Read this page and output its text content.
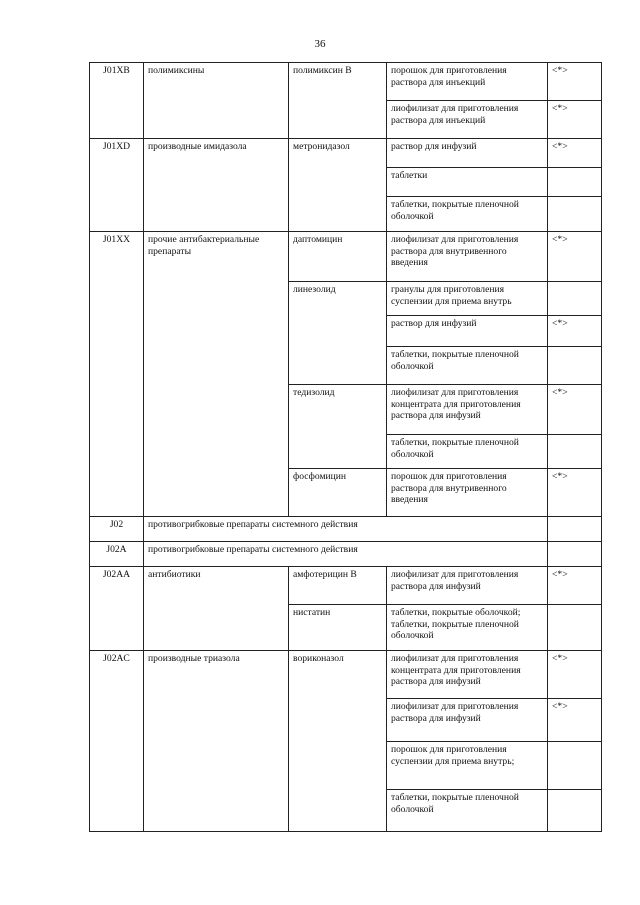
36
J01XB	полимиксины	полимиксин B	порошок для приготовления раствора для инъекций	<*>
			лиофилизат для приготовления раствора для инъекций	<*>
J01XD	производные имидазола	метронидазол	раствор для инфузий	<*>
			таблетки	
			таблетки, покрытые пленочной оболочкой	
J01XX	прочие антибактериальные препараты	даптомицин	лиофилизат для приготовления раствора для внутривенного введения	<*>
		линезолид	гранулы для приготовления суспензии для приема внутрь	
			раствор для инфузий	<*>
			таблетки, покрытые пленочной оболочкой	
		тедизолид	лиофилизат для приготовления концентрата для приготовления раствора для инфузий	<*>
			таблетки, покрытые пленочной оболочкой	
		фосфомицин	порошок для приготовления раствора для внутривенного введения	<*>
J02	противогрибковые препараты системного действия			
J02A	противогрибковые препараты системного действия			
J02AA	антибиотики	амфотерицин B	лиофилизат для приготовления раствора для инфузий	<*>
		нистатин	таблетки, покрытые оболочкой; таблетки, покрытые пленочной оболочкой	
J02AC	производные триазола	вориконазол	лиофилизат для приготовления концентрата для приготовления раствора для инфузий	<*>
			лиофилизат для приготовления раствора для инфузий	<*>
			порошок для приготовления суспензии для приема внутрь;	
			таблетки, покрытые пленочной оболочкой	
